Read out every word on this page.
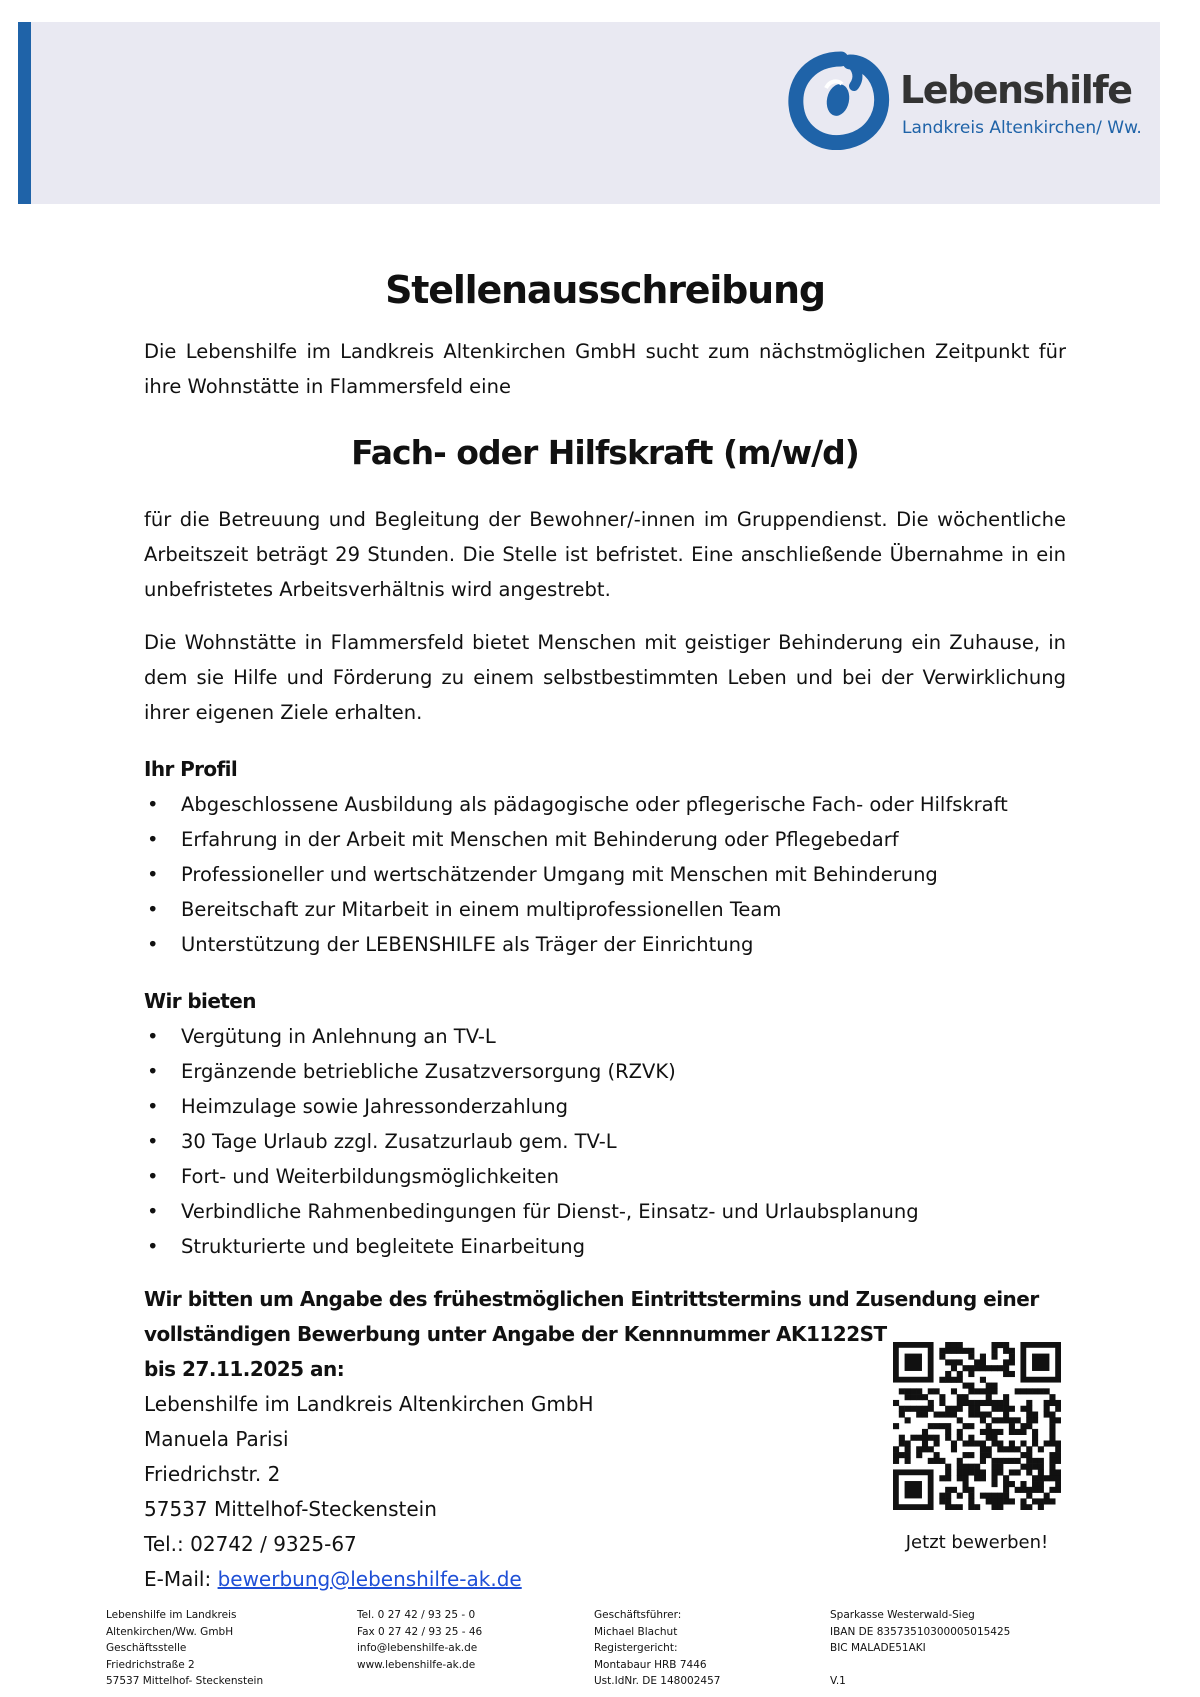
Lebenshilfe
Landkreis Altenkirchen/ Ww.
Stellenausschreibung

Die Lebenshilfe im Landkreis Altenkirchen GmbH sucht zum nächstmöglichen Zeitpunkt für ihre Wohnstätte in Flammersfeld eine

Fach- oder Hilfskraft (m/w/d)

für die Betreuung und Begleitung der Bewohner/-innen im Gruppendienst. Die wöchentliche Arbeitszeit beträgt 29 Stunden. Die Stelle ist befristet. Eine anschließende Übernahme in ein unbefristetes Arbeitsverhältnis wird angestrebt.

Die Wohnstätte in Flammersfeld bietet Menschen mit geistiger Behinderung ein Zuhause, in dem sie Hilfe und Förderung zu einem selbstbestimmten Leben und bei der Verwirklichung ihrer eigenen Ziele erhalten.

Ihr Profil
• Abgeschlossene Ausbildung als pädagogische oder pflegerische Fach- oder Hilfskraft
• Erfahrung in der Arbeit mit Menschen mit Behinderung oder Pflegebedarf
• Professioneller und wertschätzender Umgang mit Menschen mit Behinderung
• Bereitschaft zur Mitarbeit in einem multiprofessionellen Team
• Unterstützung der LEBENSHILFE als Träger der Einrichtung
Wir bieten
• Vergütung in Anlehnung an TV-L
• Ergänzende betriebliche Zusatzversorgung (RZVK)
• Heimzulage sowie Jahressonderzahlung
• 30 Tage Urlaub zzgl. Zusatzurlaub gem. TV-L
• Fort- und Weiterbildungsmöglichkeiten
• Verbindliche Rahmenbedingungen für Dienst-, Einsatz- und Urlaubsplanung
• Strukturierte und begleitete Einarbeitung

Wir bitten um Angabe des frühestmöglichen Eintrittstermins und Zusendung einer
vollständigen Bewerbung unter Angabe der Kennnummer AK1122ST
bis 27.11.2025 an:

Lebenshilfe im Landkreis Altenkirchen GmbH
Manuela Parisi
Friedrichstr. 2
57537 Mittelhof-Steckenstein
Tel.: 02742 / 9325-67
E-Mail: bewerbung@lebenshilfe-ak.de
Jetzt bewerben!
Lebenshilfe im Landkreis
Altenkirchen/Ww. GmbH
Geschäftsstelle
Friedrichstraße 2
57537 Mittelhof- Steckenstein
Tel. 0 27 42 / 93 25 - 0
Fax 0 27 42 / 93 25 - 46
info@lebenshilfe-ak.de
www.lebenshilfe-ak.de
Geschäftsführer:
Michael Blachut
Registergericht:
Montabaur HRB 7446
Ust.IdNr. DE 148002457
Sparkasse Westerwald-Sieg
IBAN DE 83573510300005015425
BIC MALADE51AKI

V.1
